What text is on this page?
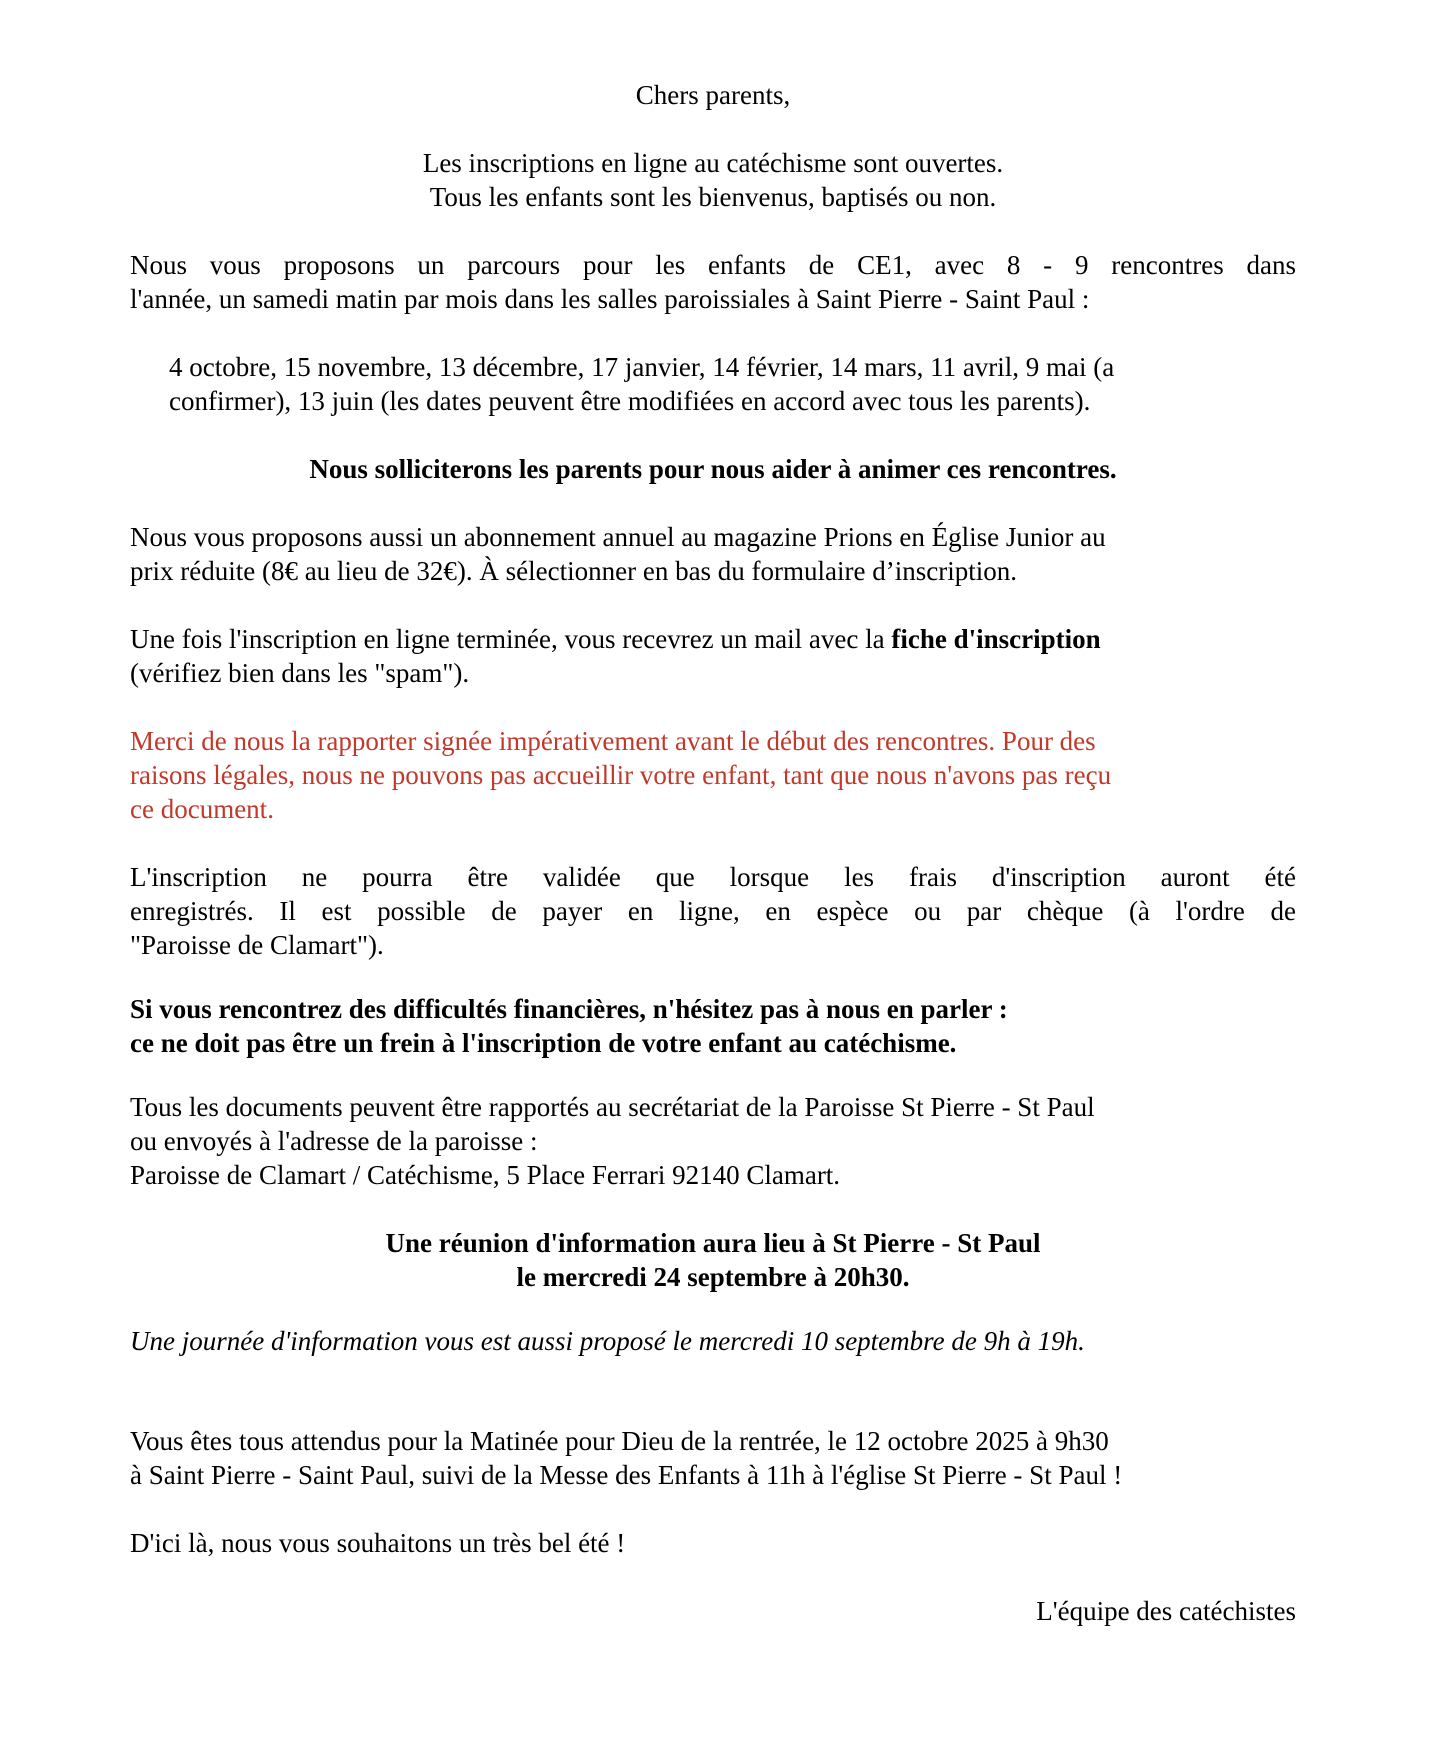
Chers parents,

Les inscriptions en ligne au catéchisme sont ouvertes.
Tous les enfants sont les bienvenus, baptisés ou non.

Nous vous proposons un parcours pour les enfants de CE1, avec 8 - 9 rencontres dans
l'année, un samedi matin par mois dans les salles paroissiales à Saint Pierre - Saint Paul :

4 octobre, 15 novembre, 13 décembre, 17 janvier, 14 février, 14 mars, 11 avril, 9 mai (a
confirmer), 13 juin (les dates peuvent être modifiées en accord avec tous les parents).

Nous solliciterons les parents pour nous aider à animer ces rencontres.

Nous vous proposons aussi un abonnement annuel au magazine Prions en Église Junior au
prix réduite (8€ au lieu de 32€). À sélectionner en bas du formulaire d’inscription.

Une fois l'inscription en ligne terminée, vous recevrez un mail avec la fiche d'inscription
(vérifiez bien dans les "spam").

Merci de nous la rapporter signée impérativement avant le début des rencontres. Pour des
raisons légales, nous ne pouvons pas accueillir votre enfant, tant que nous n'avons pas reçu
ce document.

L'inscription ne pourra être validée que lorsque les frais d'inscription auront été
enregistrés. Il est possible de payer en ligne, en espèce ou par chèque (à l'ordre de
"Paroisse de Clamart").

Si vous rencontrez des difficultés financières, n'hésitez pas à nous en parler :
ce ne doit pas être un frein à l'inscription de votre enfant au catéchisme.

Tous les documents peuvent être rapportés au secrétariat de la Paroisse St Pierre - St Paul
ou envoyés à l'adresse de la paroisse :
Paroisse de Clamart / Catéchisme, 5 Place Ferrari 92140 Clamart.

Une réunion d'information aura lieu à St Pierre - St Paul
le mercredi 24 septembre à 20h30.

Une journée d'information vous est aussi proposé le mercredi 10 septembre de 9h à 19h.

Vous êtes tous attendus pour la Matinée pour Dieu de la rentrée, le 12 octobre 2025 à 9h30
à Saint Pierre - Saint Paul, suivi de la Messe des Enfants à 11h à l'église St Pierre - St Paul !

D'ici là, nous vous souhaitons un très bel été !

L'équipe des catéchistes
